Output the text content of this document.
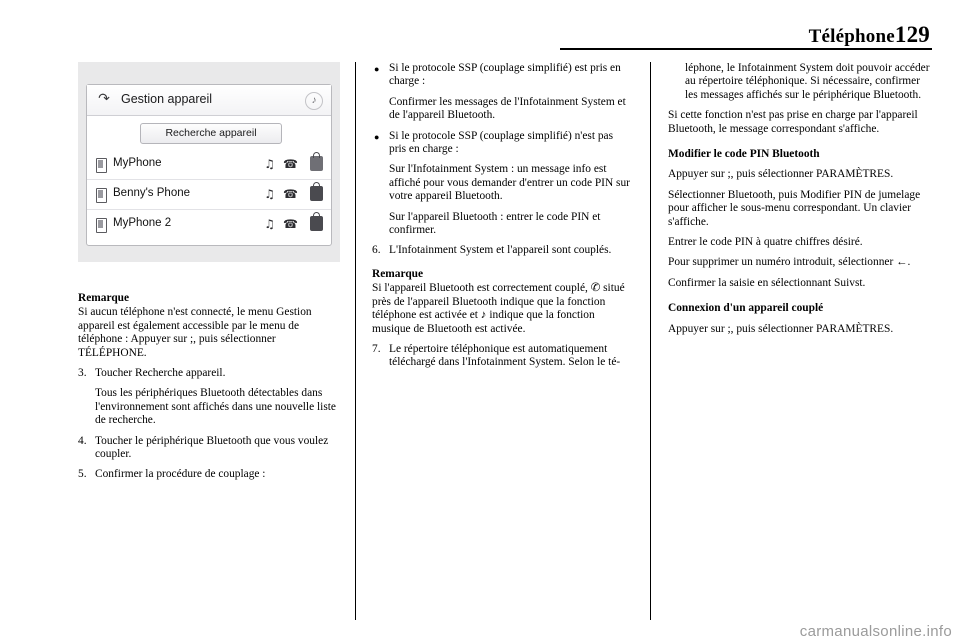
Téléphone129
↷ Gestion appareil	♪
Recherche appareil
MyPhone	♫ ☎
Benny's Phone	♫ ☎
MyPhone 2	♫ ☎

Remarque

Si aucun téléphone n'est connecté, le menu Gestion appareil est également accessible par le menu de téléphone : Appuyer sur ;, puis sélectionner TÉLÉPHONE.

3. Toucher Recherche appareil.
Tous les périphériques Bluetooth détectables dans l'environnement sont affichés dans une nouvelle liste de recherche.
4. Toucher le périphérique Bluetooth que vous voulez coupler.
5. Confirmer la procédure de couplage :
● Si le protocole SSP (couplage simplifié) est pris en charge :
Confirmer les messages de l'Infotainment System et de l'appareil Bluetooth.
● Si le protocole SSP (couplage simplifié) n'est pas pris en charge :
Sur l'Infotainment System : un message info est affiché pour vous demander d'entrer un code PIN sur votre appareil Bluetooth.
Sur l'appareil Bluetooth : entrer le code PIN et confirmer.
6. L'Infotainment System et l'appareil sont couplés.

Remarque

Si l'appareil Bluetooth est correctement couplé, ✆ situé près de l'appareil Bluetooth indique que la fonction téléphone est activée et ♪ indique que la fonction musique de Bluetooth est activée.

7. Le répertoire téléphonique est automatiquement téléchargé dans l'Infotainment System. Selon le té-

léphone, le Infotainment System doit pouvoir accéder au répertoire téléphonique. Si nécessaire, confirmer les messages affichés sur le périphérique Bluetooth.

Si cette fonction n'est pas prise en charge par l'appareil Bluetooth, le message correspondant s'affiche.

Modifier le code PIN Bluetooth

Appuyer sur ;, puis sélectionner PARAMÈTRES.

Sélectionner Bluetooth, puis Modifier PIN de jumelage pour afficher le sous-menu correspondant. Un clavier s'affiche.

Entrer le code PIN à quatre chiffres désiré.

Pour supprimer un numéro introduit, sélectionner ←.

Confirmer la saisie en sélectionnant Suivst.

Connexion d'un appareil couplé

Appuyer sur ;, puis sélectionner PARAMÈTRES.

carmanualsonline.info
